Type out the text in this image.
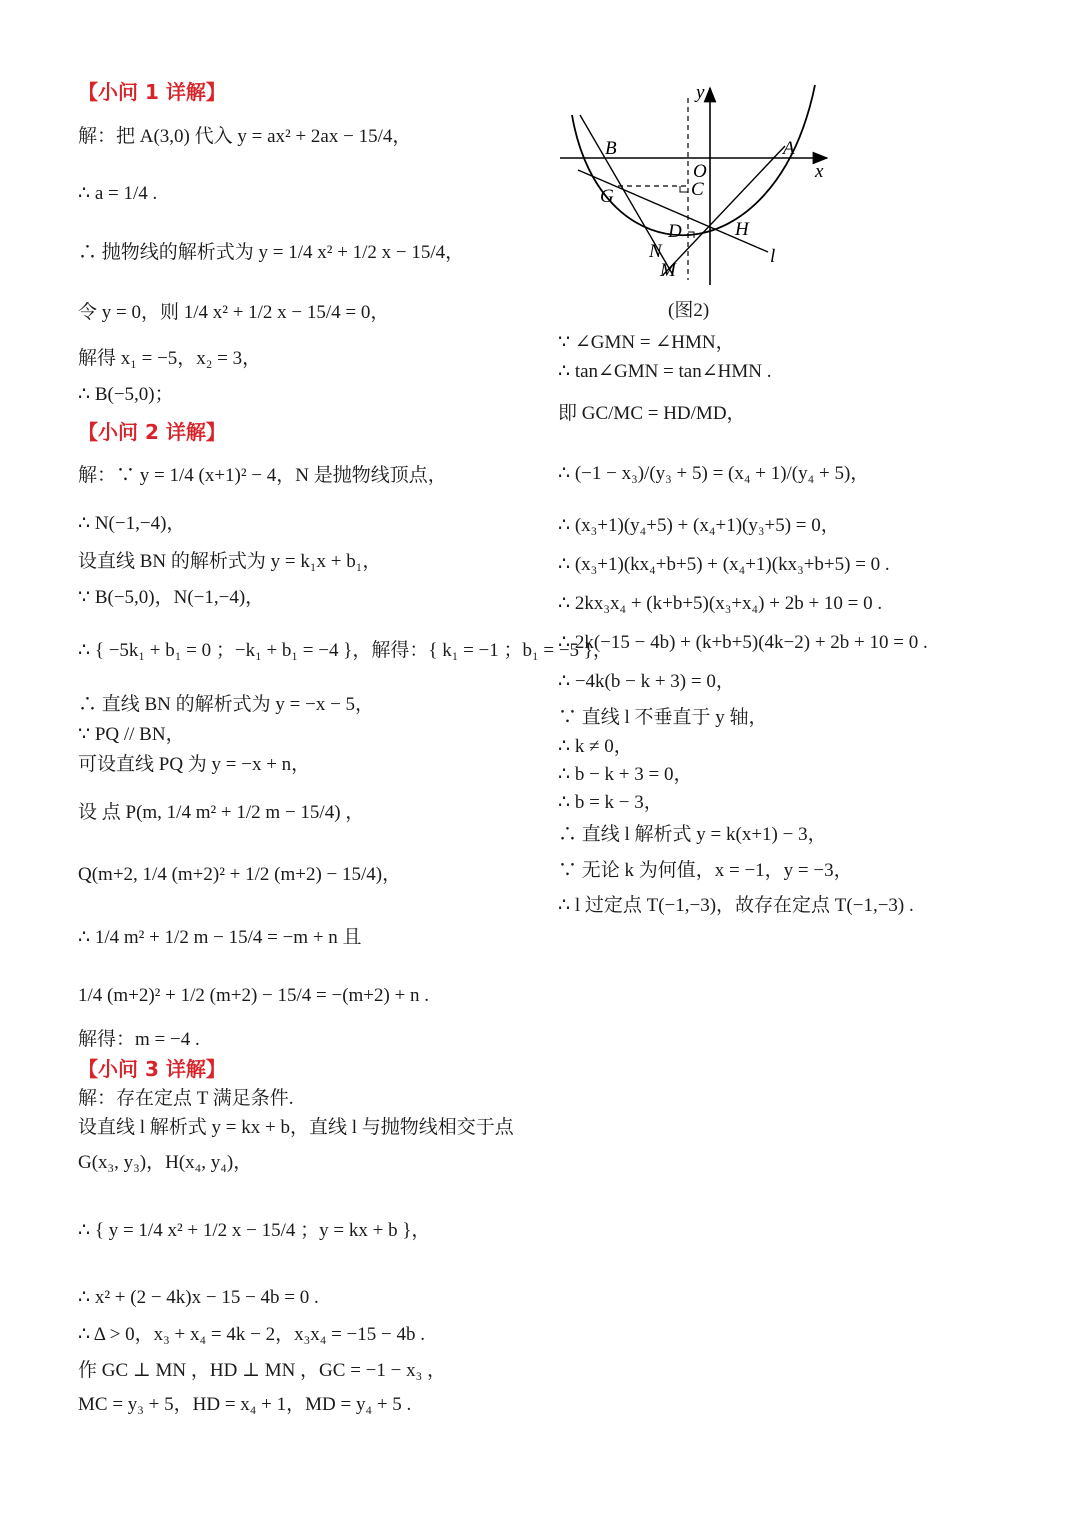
【小问 1 详解】
解：把 A(3,0) 代入 y = ax² + 2ax − 15/4，
∴ a = 1/4 .
∴ 抛物线的解析式为 y = 1/4 x² + 1/2 x − 15/4，
令 y = 0，则 1/4 x² + 1/2 x − 15/4 = 0，
解得 x₁ = −5，x₂ = 3，
∴ B(−5,0)；
【小问 2 详解】
解：∵ y = 1/4 (x+1)² − 4，N 是抛物线顶点，
∴ N(−1,−4)，
设直线 BN 的解析式为 y = k₁x + b₁，
∵ B(−5,0)，N(−1,−4)，
∴ { −5k₁ + b₁ = 0 ；−k₁ + b₁ = −4 }，解得：{ k₁ = −1 ；b₁ = −5 }，
∴ 直线 BN 的解析式为 y = −x − 5，
∵ PQ // BN，
可设直线 PQ 为 y = −x + n，
设 点 P(m, 1/4 m² + 1/2 m − 15/4) ，
Q(m+2, 1/4 (m+2)² + 1/2 (m+2) − 15/4)，
∴ 1/4 m² + 1/2 m − 15/4 = −m + n 且
1/4 (m+2)² + 1/2 (m+2) − 15/4 = −(m+2) + n .
解得：m = −4 .
【小问 3 详解】
解：存在定点 T 满足条件.
设直线 l 解析式 y = kx + b，直线 l 与抛物线相交于点
G(x₃, y₃)，H(x₄, y₄)，
∴ { y = 1/4 x² + 1/2 x − 15/4 ；y = kx + b }，
∴ x² + (2 − 4k)x − 15 − 4b = 0 .
∴ Δ > 0，x₃ + x₄ = 4k − 2，x₃x₄ = −15 − 4b .
作 GC ⊥ MN ，HD ⊥ MN ，GC = −1 − x₃ ，
MC = y₃ + 5，HD = x₄ + 1，MD = y₄ + 5 .
∵ ∠GMN = ∠HMN，
∴ tan∠GMN = tan∠HMN .
即 GC/MC = HD/MD，
∴ (−1 − x₃)/(y₃ + 5) = (x₄ + 1)/(y₄ + 5)，
∴ (x₃+1)(y₄+5) + (x₄+1)(y₃+5) = 0，
∴ (x₃+1)(kx₄+b+5) + (x₄+1)(kx₃+b+5) = 0 .
∴ 2kx₃x₄ + (k+b+5)(x₃+x₄) + 2b + 10 = 0 .
∴ 2k(−15 − 4b) + (k+b+5)(4k−2) + 2b + 10 = 0 .
∴ −4k(b − k + 3) = 0，
∵ 直线 l 不垂直于 y 轴，
∴ k ≠ 0，
∴ b − k + 3 = 0，
∴ b = k − 3，
∴ 直线 l 解析式 y = k(x+1) − 3，
∵ 无论 k 为何值，x = −1，y = −3，
∴ l 过定点 T(−1,−3)，故存在定点 T(−1,−3) .
y
x
B	A
O
C
G
D	H
N
M
l
(图2)
